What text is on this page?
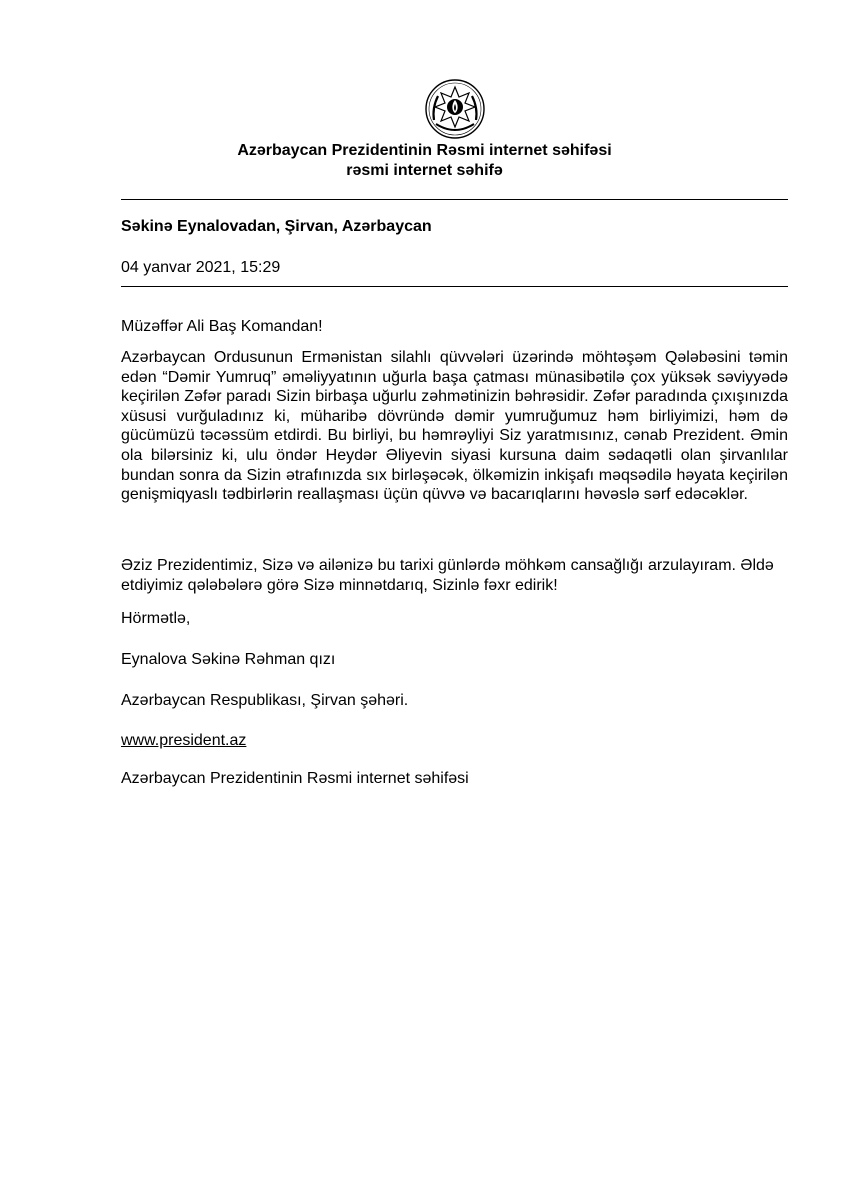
Azərbaycan Prezidentinin Rəsmi internet səhifəsi
rəsmi internet səhifə
Səkinə Eynalovadan, Şirvan, Azərbaycan
04 yanvar 2021, 15:29

Müzəffər Ali Baş Komandan!

Azərbaycan Ordusunun Ermənistan silahlı qüvvələri üzərində möhtəşəm Qələbəsini təmin edən “Dəmir Yumruq” əməliyyatının uğurla başa çatması münasibətilə çox yüksək səviyyədə keçirilən Zəfər paradı Sizin birbaşa uğurlu zəhmətinizin bəhrəsidir. Zəfər paradında çıxışınızda xüsusi vurğuladınız ki, müharibə dövründə dəmir yumruğumuz həm birliyimizi, həm də gücümüzü təcəssüm etdirdi. Bu birliyi, bu həmrəyliyi Siz yaratmısınız, cənab Prezident. Əmin ola bilərsiniz ki, ulu öndər Heydər Əliyevin siyasi kursuna daim sədaqətli olan şirvanlılar bundan sonra da Sizin ətrafınızda sıx birləşəcək, ölkəmizin inkişafı məqsədilə həyata keçirilən genişmiqyaslı tədbirlərin reallaşması üçün qüvvə və bacarıqlarını həvəslə sərf edəcəklər.

Əziz Prezidentimiz, Sizə və ailənizə bu tarixi günlərdə möhkəm cansağlığı arzulayıram. Əldə etdiyimiz qələbələrə görə Sizə minnətdarıq, Sizinlə fəxr edirik!

Hörmətlə,

Eynalova Səkinə Rəhman qızı

Azərbaycan Respublikası, Şirvan şəhəri.

www.president.az

Azərbaycan Prezidentinin Rəsmi internet səhifəsi
